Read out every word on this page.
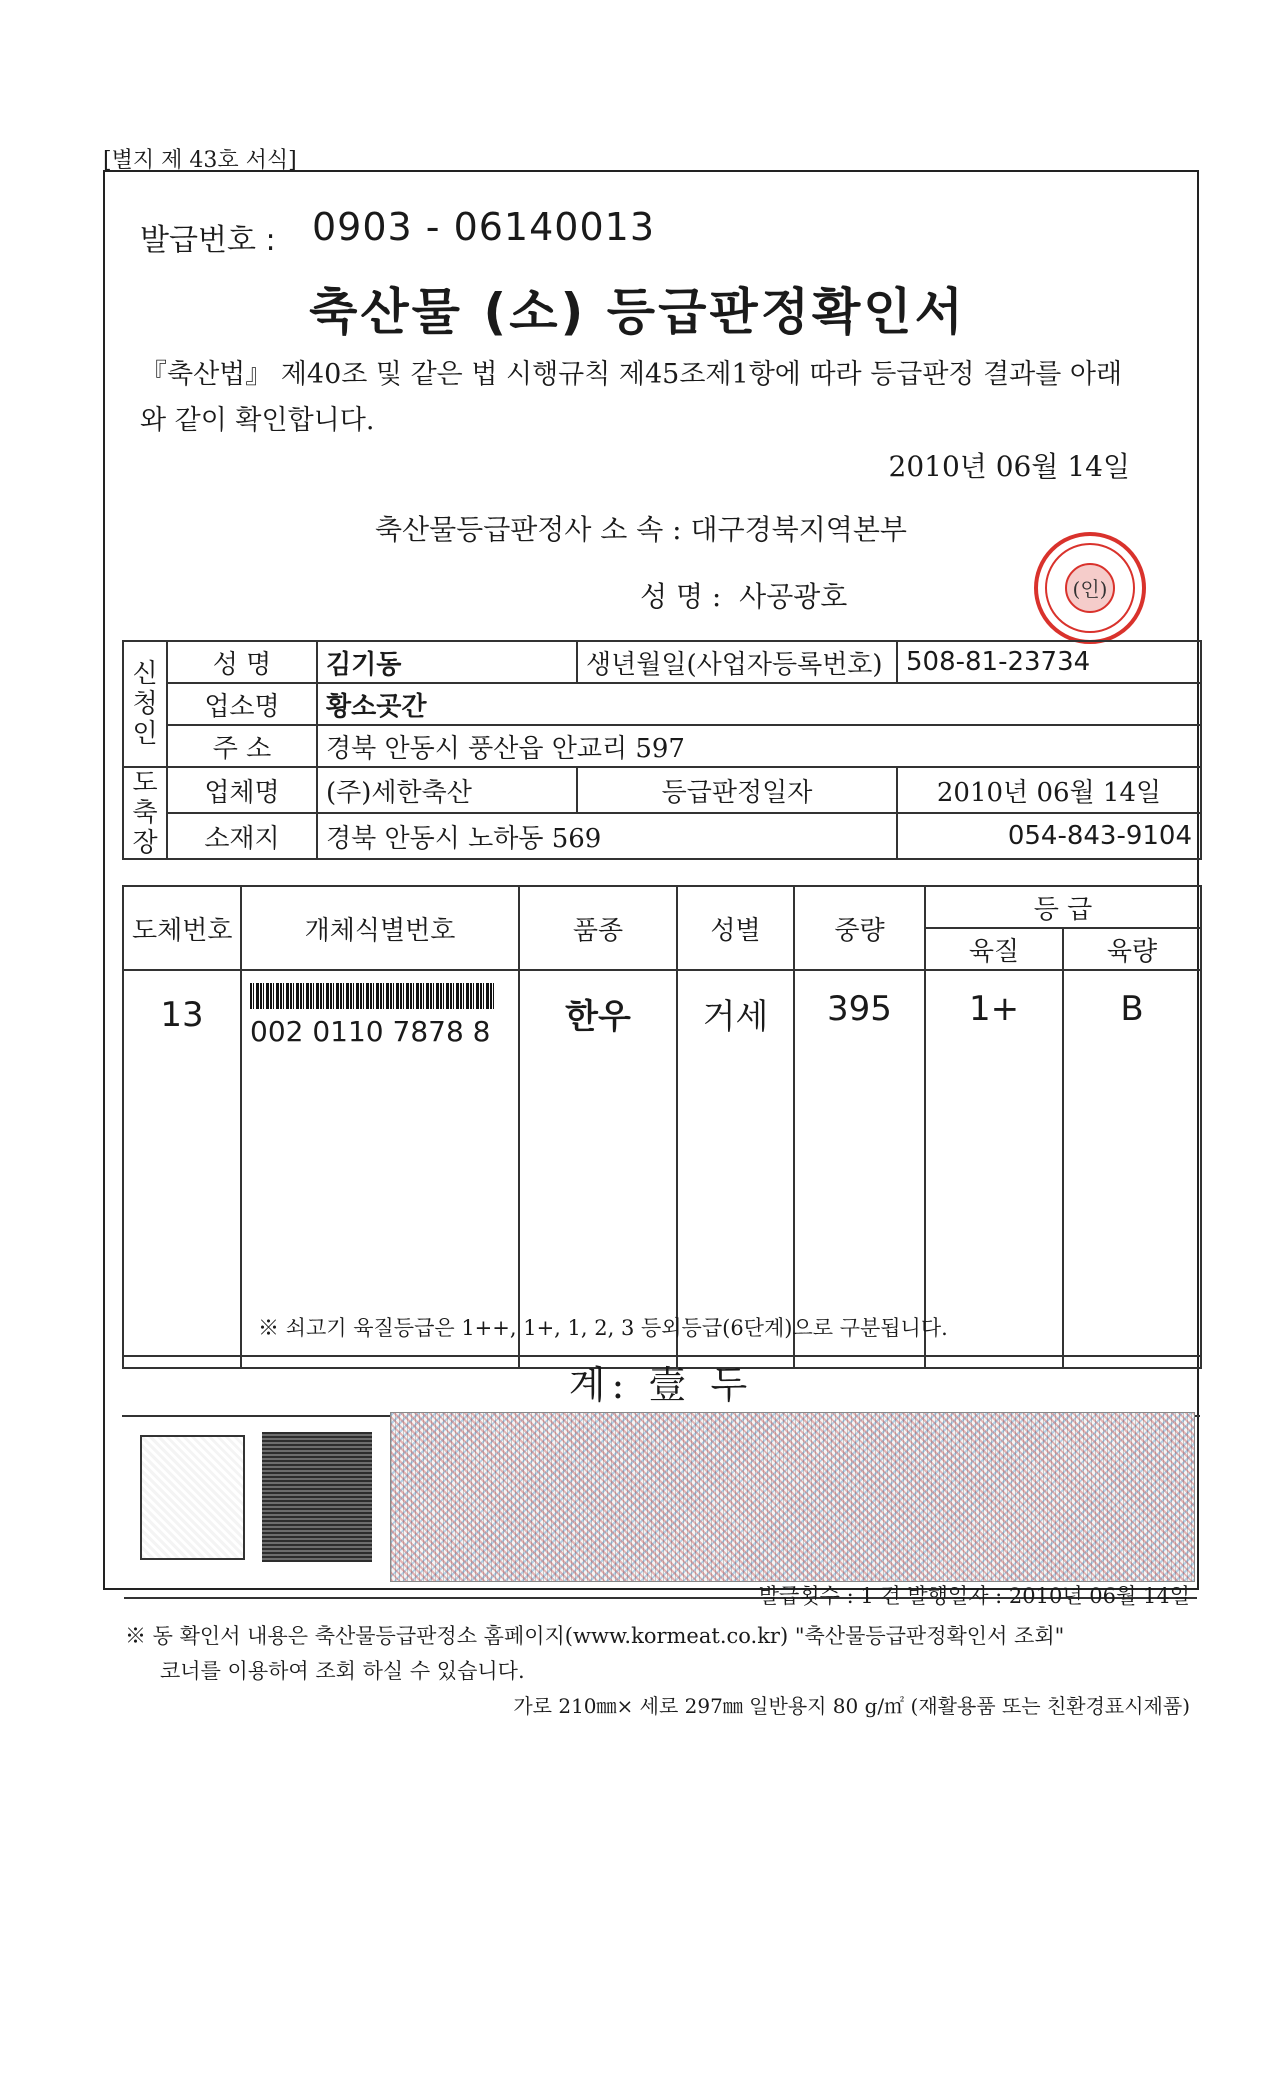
[별지 제 43호 서식]
발급번호 : 0903 - 06140013
축산물 (소) 등급판정확인서
『축산법』 제40조 및 같은 법 시행규칙 제45조제1항에 따라 등급판정 결과를 아래와 같이 확인합니다.
2010년 06월 14일
축산물등급판정사 소 속 : 대구경북지역본부
성 명 : 사공광호	(인)
신청인	성 명	김기동	생년월일(사업자등록번호)	508-81-23734
	업소명	황소곳간		
	주 소	경북 안동시 풍산읍 안교리 597		
도축장	업체명	(주)세한축산	등급판정일자	2010년 06월 14일
	소재지	경북 안동시 노하동 569		054-843-9104
도체번호	개체식별번호	품종	성별	중량	등 급	
					육질	육량
13	002 0110 7878 8	한우	거세	395	1+	B
※ 쇠고기 육질등급은 1++, 1+, 1, 2, 3 등외등급(6단계)으로 구분됩니다.
계: 壹 두
발급횟수 : 1 건 발행일자 : 2010년 06월 14일
※ 동 확인서 내용은 축산물등급판정소 홈페이지(www.kormeat.co.kr) "축산물등급판정확인서 조회"
코너를 이용하여 조회 하실 수 있습니다.
가로 210㎜× 세로 297㎜ 일반용지 80 g/㎡ (재활용품 또는 친환경표시제품)
